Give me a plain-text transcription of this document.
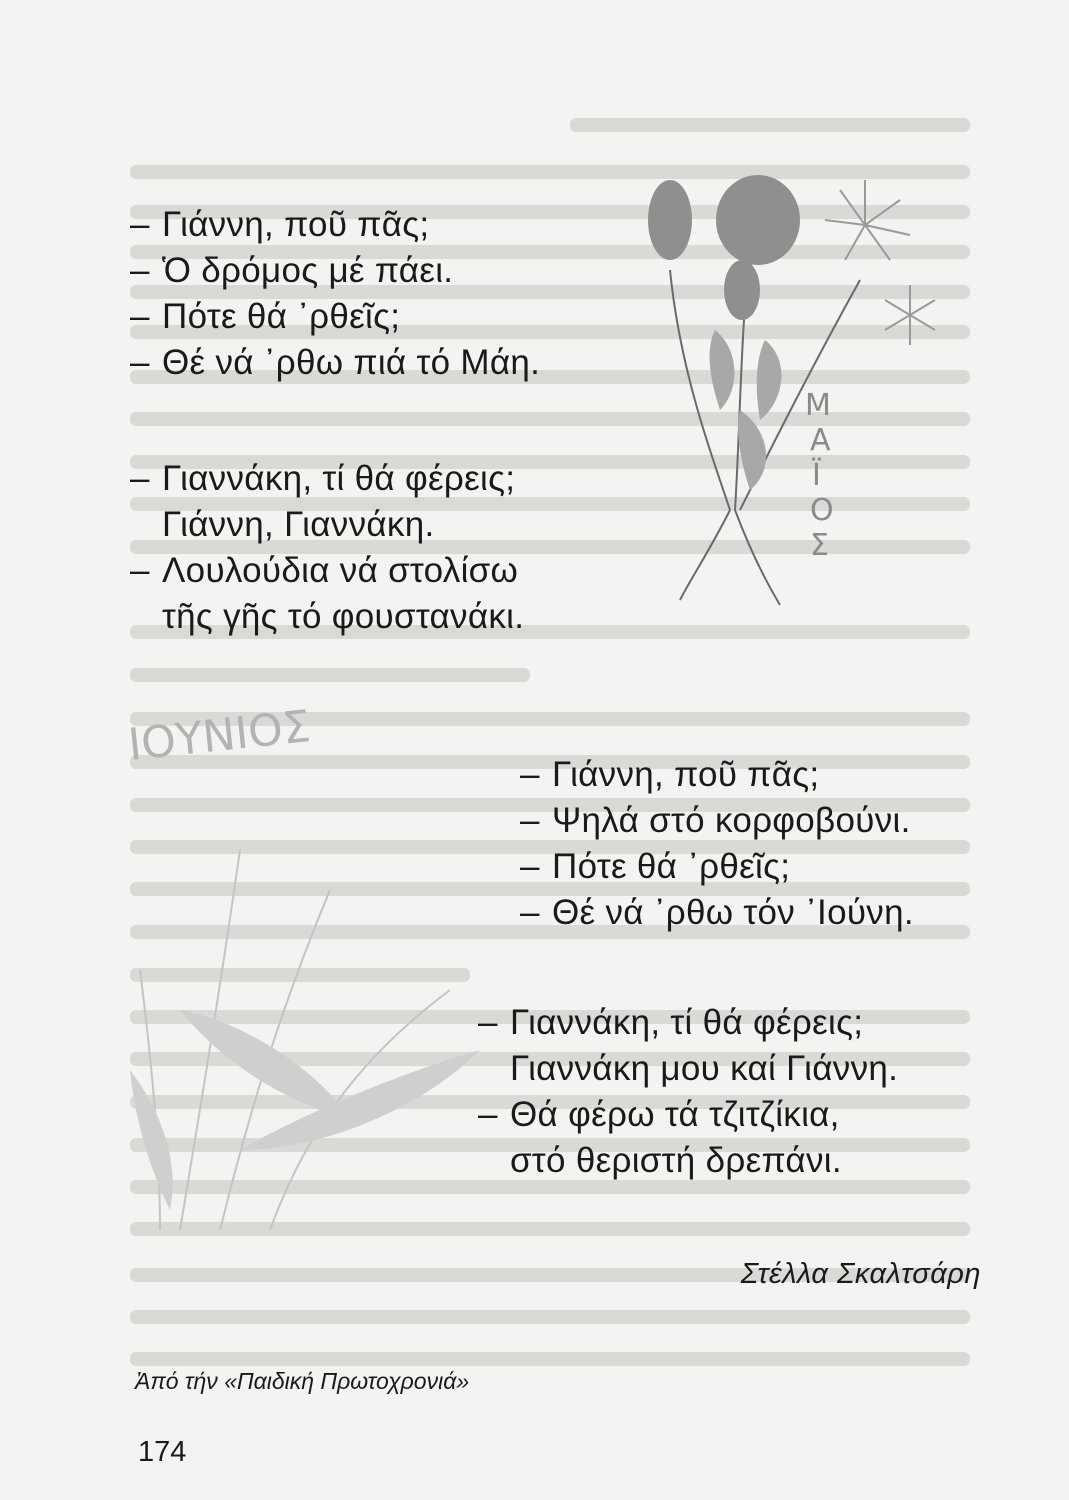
Μ
Α
Ϊ
Ο
Σ
ΙΟΥΝΙΟΣ
– Γιάννη, ποῦ πᾶς;
– Ὁ δρόμος μέ πάει.
– Πότε θά ᾽ρθεῖς;
– Θέ νά ᾽ρθω πιά τό Μάη.
– Γιαννάκη, τί θά φέρεις;
Γιάννη, Γιαννάκη.
– Λουλούδια νά στολίσω
τῆς γῆς τό φουστανάκι.
– Γιάννη, ποῦ πᾶς;
– Ψηλά στό κορφοβούνι.
– Πότε θά ᾽ρθεῖς;
– Θέ νά ᾽ρθω τόν ᾽Ιούνη.
– Γιαννάκη, τί θά φέρεις;
Γιαννάκη μου καί Γιάννη.
– Θά φέρω τά τζιτζίκια,
στό θεριστή δρεπάνι.
Στέλλα Σκαλτσάρη
Ἀπό τήν «Παιδική Πρωτοχρονιά»
174
